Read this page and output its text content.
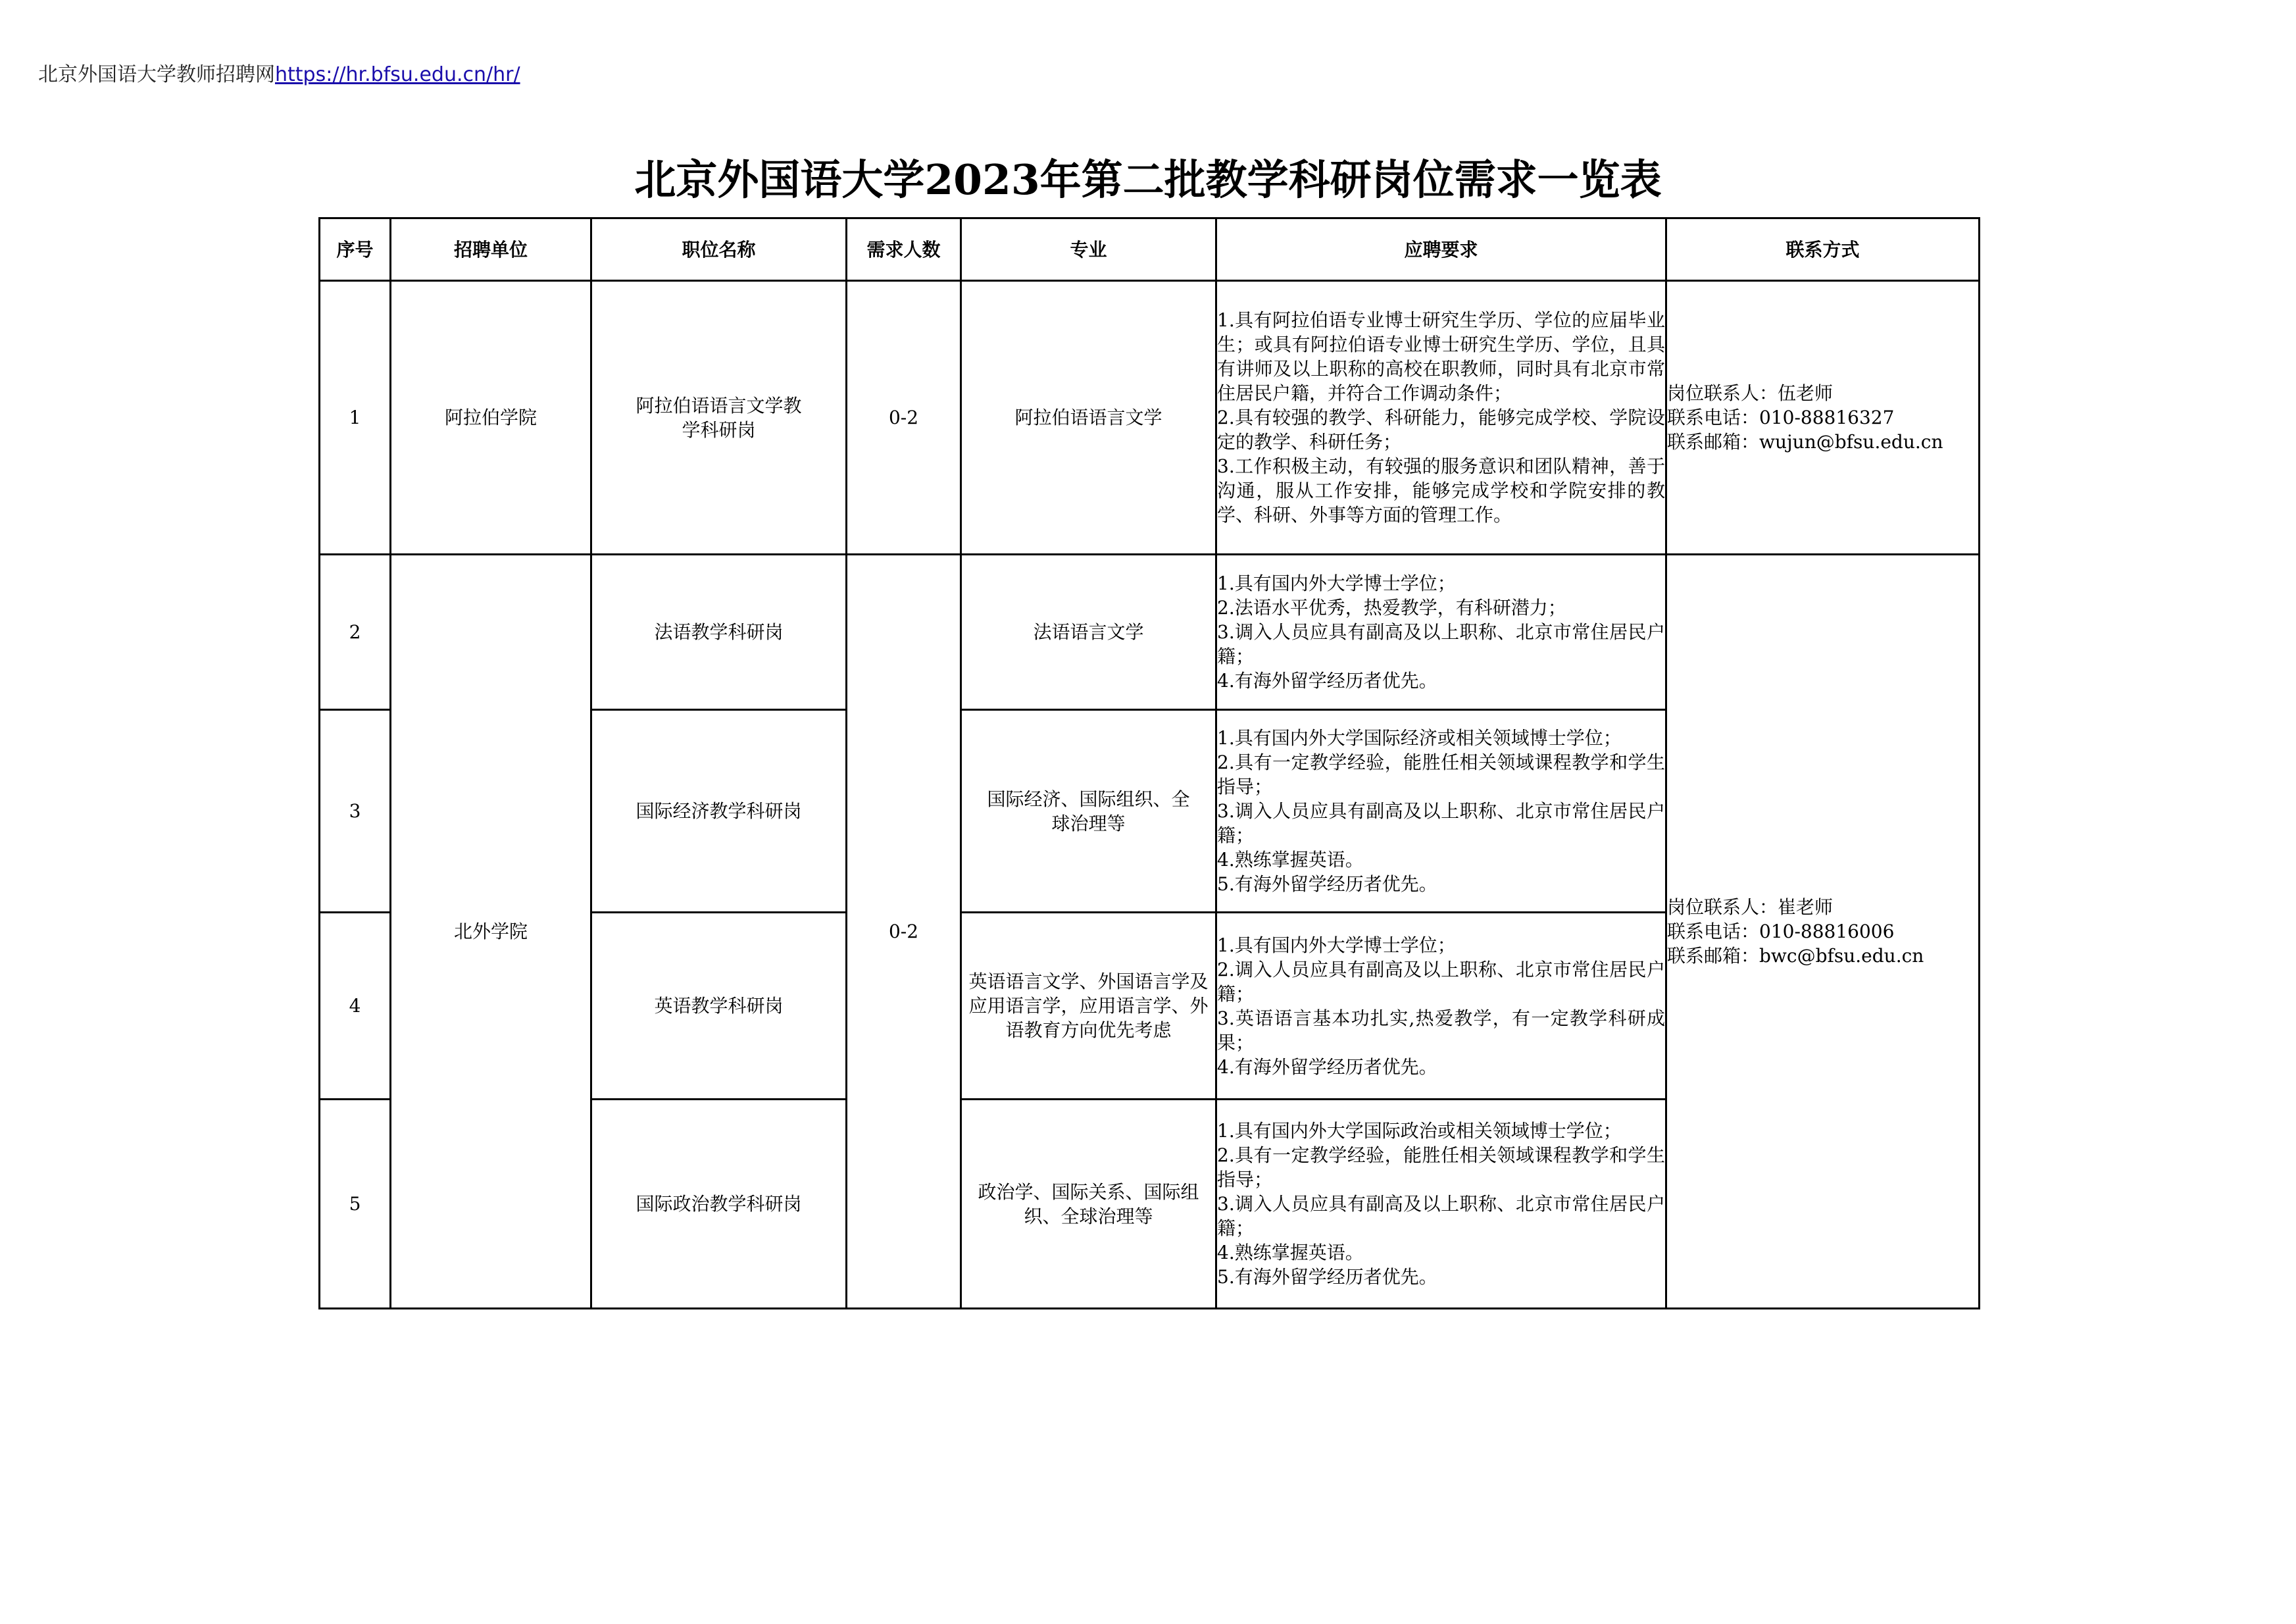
北京外国语大学教师招聘网https://hr.bfsu.edu.cn/hr/
北京外国语大学2023年第二批教学科研岗位需求一览表
序号	招聘单位	职位名称	需求人数	专业	应聘要求	联系方式
1	阿拉伯学院	阿拉伯语语言文学教学科研岗	0-2	阿拉伯语语言文学	1.具有阿拉伯语专业博士研究生学历、学位的应届毕业生；或具有阿拉伯语专业博士研究生学历、学位，且具有讲师及以上职称的高校在职教师，同时具有北京市常住居民户籍，并符合工作调动条件；
2.具有较强的教学、科研能力，能够完成学校、学院设定的教学、科研任务；
3.工作积极主动，有较强的服务意识和团队精神，善于沟通，服从工作安排，能够完成学校和学院安排的教学、科研、外事等方面的管理工作。	岗位联系人：伍老师
联系电话：010-88816327
联系邮箱：wujun@bfsu.edu.cn

2	北外学院	法语教学科研岗	0-2	法语语言文学	1.具有国内外大学博士学位；
2.法语水平优秀，热爱教学，有科研潜力；
3.调入人员应具有副高及以上职称、北京市常住居民户籍；
4.有海外留学经历者优先。	岗位联系人：崔老师
联系电话：010-88816006
联系邮箱：bwc@bfsu.edu.cn

3		国际经济教学科研岗		国际经济、国际组织、全球治理等	1.具有国内外大学国际经济或相关领域博士学位；
2.具有一定教学经验，能胜任相关领域课程教学和学生指导；
3.调入人员应具有副高及以上职称、北京市常住居民户籍；
4.熟练掌握英语。
5.有海外留学经历者优先。	

4		英语教学科研岗		英语语言文学、外国语言学及应用语言学，应用语言学、外语教育方向优先考虑	1.具有国内外大学博士学位；
2.调入人员应具有副高及以上职称、北京市常住居民户籍；
3.英语语言基本功扎实,热爱教学，有一定教学科研成果；
4.有海外留学经历者优先。	

5		国际政治教学科研岗		政治学、国际关系、国际组织、全球治理等	1.具有国内外大学国际政治或相关领域博士学位；
2.具有一定教学经验，能胜任相关领域课程教学和学生指导；
3.调入人员应具有副高及以上职称、北京市常住居民户籍；
4.熟练掌握英语。
5.有海外留学经历者优先。	
